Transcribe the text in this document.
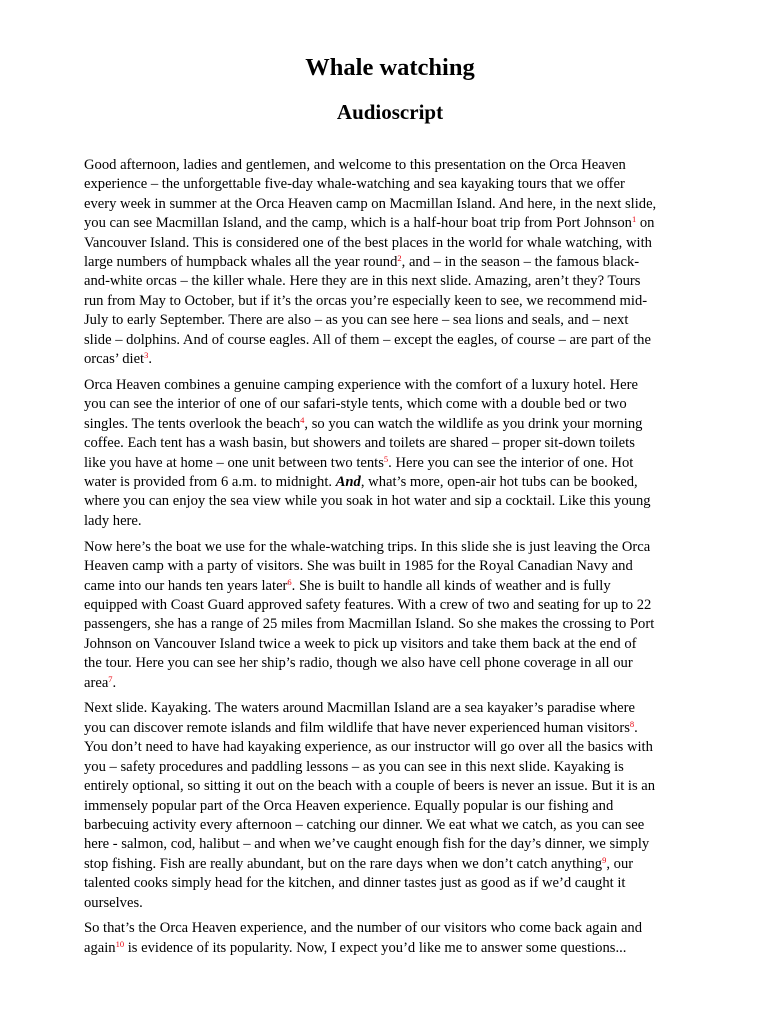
Whale watching
Audioscript

Good afternoon, ladies and gentlemen, and welcome to this presentation on the Orca Heaven
experience – the unforgettable five-day whale-watching and sea kayaking tours that we offer
every week in summer at the Orca Heaven camp on Macmillan Island. And here, in the next slide,
you can see Macmillan Island, and the camp, which is a half-hour boat trip from Port Johnson$^1$ on
Vancouver Island. This is considered one of the best places in the world for whale watching, with
large numbers of humpback whales all the year round$^2$, and – in the season – the famous black-
and-white orcas – the killer whale. Here they are in this next slide. Amazing, aren’t they? Tours
run from May to October, but if it’s the orcas you’re especially keen to see, we recommend mid-
July to early September. There are also – as you can see here – sea lions and seals, and – next
slide – dolphins. And of course eagles. All of them – except the eagles, of course – are part of the
orcas’ diet$^3$.

Orca Heaven combines a genuine camping experience with the comfort of a luxury hotel. Here
you can see the interior of one of our safari-style tents, which come with a double bed or two
singles. The tents overlook the beach$^4$, so you can watch the wildlife as you drink your morning
coffee. Each tent has a wash basin, but showers and toilets are shared – proper sit-down toilets
like you have at home – one unit between two tents$^5$. Here you can see the interior of one. Hot
water is provided from 6 a.m. to midnight. And, what’s more, open-air hot tubs can be booked,
where you can enjoy the sea view while you soak in hot water and sip a cocktail. Like this young
lady here.

Now here’s the boat we use for the whale-watching trips. In this slide she is just leaving the Orca
Heaven camp with a party of visitors. She was built in 1985 for the Royal Canadian Navy and
came into our hands ten years later$^6$. She is built to handle all kinds of weather and is fully
equipped with Coast Guard approved safety features. With a crew of two and seating for up to 22
passengers, she has a range of 25 miles from Macmillan Island. So she makes the crossing to Port
Johnson on Vancouver Island twice a week to pick up visitors and take them back at the end of
the tour. Here you can see her ship’s radio, though we also have cell phone coverage in all our
area$^7$.

Next slide. Kayaking. The waters around Macmillan Island are a sea kayaker’s paradise where
you can discover remote islands and film wildlife that have never experienced human visitors$^8$.
You don’t need to have had kayaking experience, as our instructor will go over all the basics with
you – safety procedures and paddling lessons – as you can see in this next slide. Kayaking is
entirely optional, so sitting it out on the beach with a couple of beers is never an issue. But it is an
immensely popular part of the Orca Heaven experience. Equally popular is our fishing and
barbecuing activity every afternoon – catching our dinner. We eat what we catch, as you can see
here - salmon, cod, halibut – and when we’ve caught enough fish for the day’s dinner, we simply
stop fishing. Fish are really abundant, but on the rare days when we don’t catch anything$^9$, our
talented cooks simply head for the kitchen, and dinner tastes just as good as if we’d caught it
ourselves.

So that’s the Orca Heaven experience, and the number of our visitors who come back again and
again$^{10}$ is evidence of its popularity. Now, I expect you’d like me to answer some questions...
